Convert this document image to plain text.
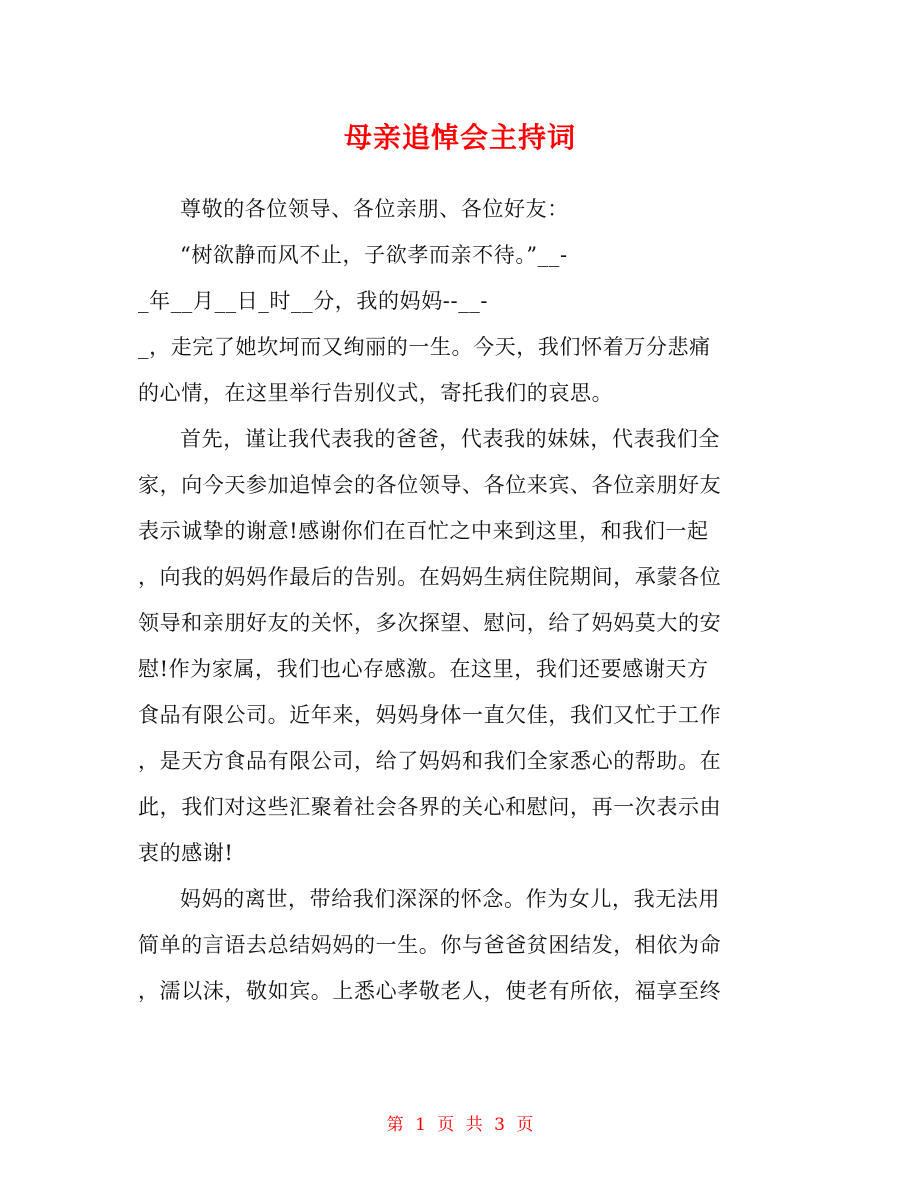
母亲追悼会主持词
尊敬的各位领导、各位亲朋、各位好友：
“树欲静而风不止，子欲孝而亲不待。”__-
_年__月__日_时__分，我的妈妈--__-
_，走完了她坎坷而又绚丽的一生。今天，我们怀着万分悲痛
的心情，在这里举行告别仪式，寄托我们的哀思。
首先，谨让我代表我的爸爸，代表我的妹妹，代表我们全
家，向今天参加追悼会的各位领导、各位来宾、各位亲朋好友
表示诚挚的谢意!感谢你们在百忙之中来到这里，和我们一起
，向我的妈妈作最后的告别。在妈妈生病住院期间，承蒙各位
领导和亲朋好友的关怀，多次探望、慰问，给了妈妈莫大的安
慰!作为家属，我们也心存感激。在这里，我们还要感谢天方
食品有限公司。近年来，妈妈身体一直欠佳，我们又忙于工作
，是天方食品有限公司，给了妈妈和我们全家悉心的帮助。在
此，我们对这些汇聚着社会各界的关心和慰问，再一次表示由
衷的感谢!
妈妈的离世，带给我们深深的怀念。作为女儿，我无法用
简单的言语去总结妈妈的一生。你与爸爸贫困结发，相依为命
，濡以沫，敬如宾。上悉心孝敬老人，使老有所依，福享至终
第 1 页 共 3 页
